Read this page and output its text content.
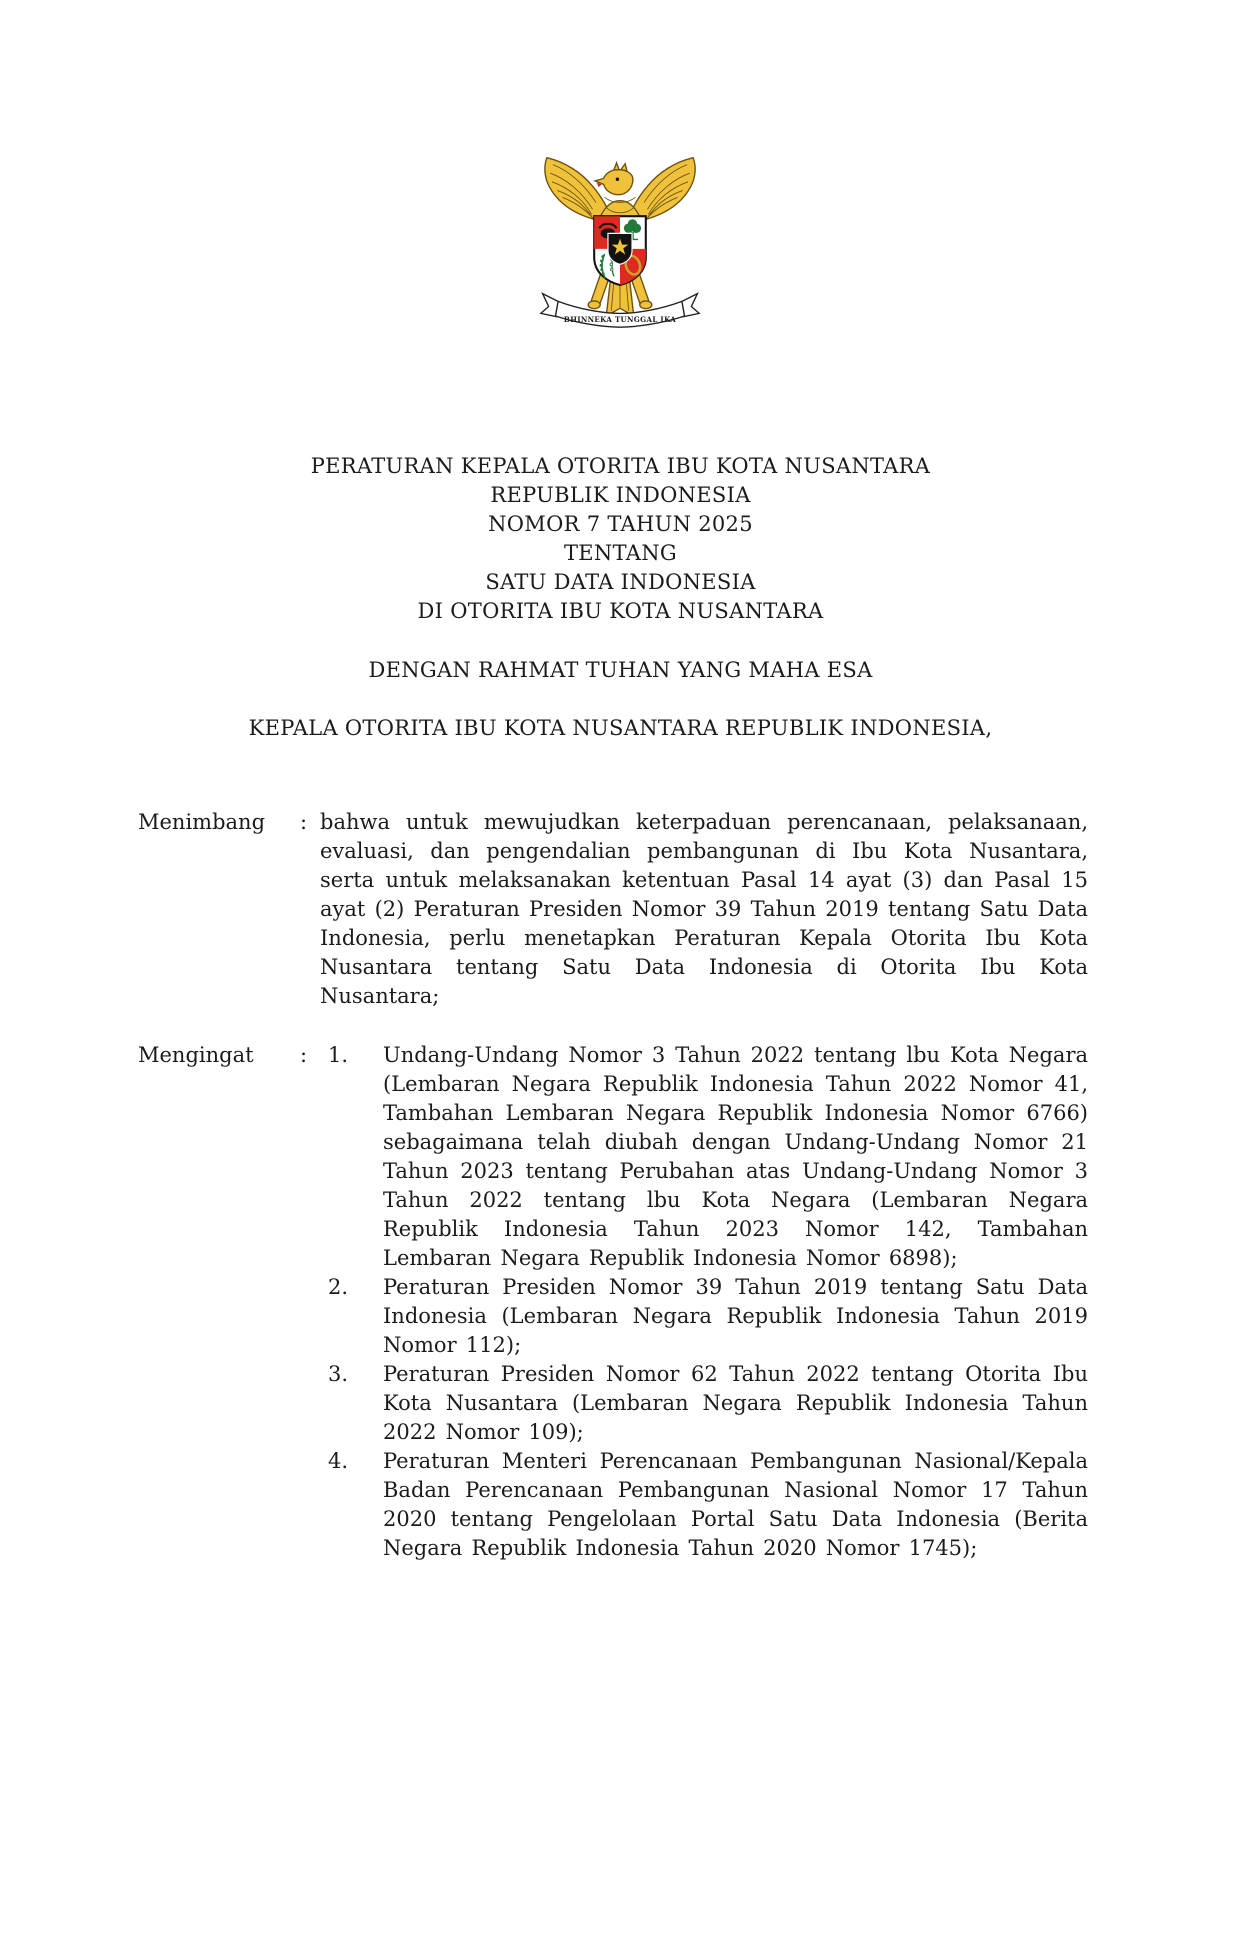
BHINNEKA TUNGGAL IKA
PERATURAN KEPALA OTORITA IBU KOTA NUSANTARA
REPUBLIK INDONESIA
NOMOR 7 TAHUN 2025
TENTANG
SATU DATA INDONESIA
DI OTORITA IBU KOTA NUSANTARA
DENGAN RAHMAT TUHAN YANG MAHA ESA
KEPALA OTORITA IBU KOTA NUSANTARA REPUBLIK INDONESIA,
Menimbang	: bahwa untuk mewujudkan keterpaduan perencanaan, pelaksanaan, evaluasi, dan pengendalian pembangunan di Ibu Kota Nusantara, serta untuk melaksanakan ketentuan Pasal 14 ayat (3) dan Pasal 15 ayat (2) Peraturan Presiden Nomor 39 Tahun 2019 tentang Satu Data Indonesia, perlu menetapkan Peraturan Kepala Otorita Ibu Kota Nusantara tentang Satu Data Indonesia di Otorita Ibu Kota Nusantara;
Mengingat	: 1.	Undang-Undang Nomor 3 Tahun 2022 tentang lbu Kota Negara (Lembaran Negara Republik Indonesia Tahun 2022 Nomor 41, Tambahan Lembaran Negara Republik Indonesia Nomor 6766) sebagaimana telah diubah dengan Undang-Undang Nomor 21 Tahun 2023 tentang Perubahan atas Undang-Undang Nomor 3 Tahun 2022 tentang lbu Kota Negara (Lembaran Negara Republik Indonesia Tahun 2023 Nomor 142, Tambahan Lembaran Negara Republik Indonesia Nomor 6898);
2.	Peraturan Presiden Nomor 39 Tahun 2019 tentang Satu Data Indonesia (Lembaran Negara Republik Indonesia Tahun 2019 Nomor 112);
3.	Peraturan Presiden Nomor 62 Tahun 2022 tentang Otorita Ibu Kota Nusantara (Lembaran Negara Republik Indonesia Tahun 2022 Nomor 109);
4.	Peraturan Menteri Perencanaan Pembangunan Nasional/Kepala Badan Perencanaan Pembangunan Nasional Nomor 17 Tahun 2020 tentang Pengelolaan Portal Satu Data Indonesia (Berita Negara Republik Indonesia Tahun 2020 Nomor 1745);
